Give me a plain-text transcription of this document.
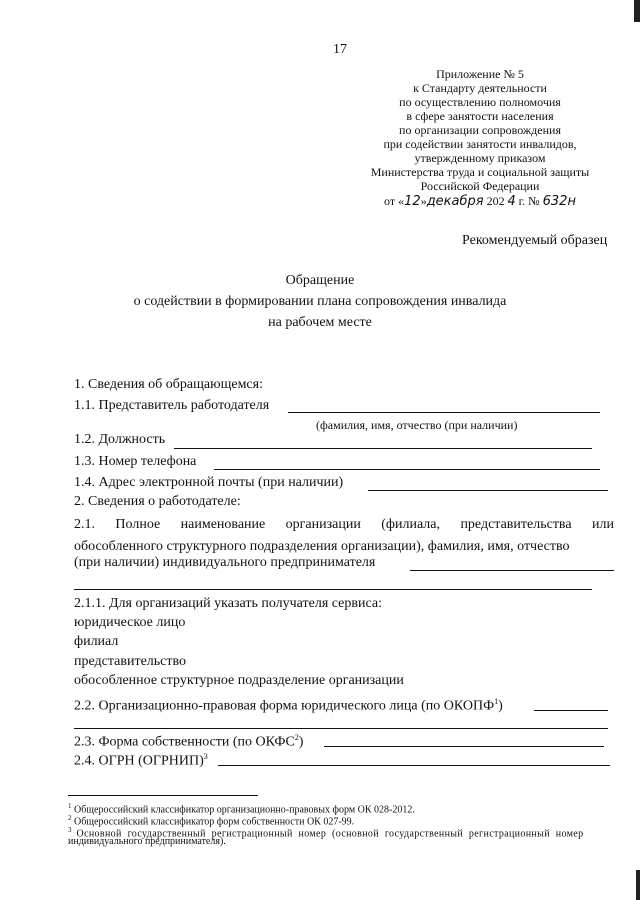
17
Приложение № 5
к Стандарту деятельности
по осуществлению полномочия
в сфере занятости населения
по организации сопровождения
при содействии занятости инвалидов,
утвержденному приказом
Министерства труда и социальной защиты
Российской Федерации
от «12»декабря 202 4 г. № 632н
Рекомендуемый образец
Обращение
о содействии в формировании плана сопровождения инвалида
на рабочем месте
1. Сведения об обращающемся:
1.1. Представитель работодателя
(фамилия, имя, отчество (при наличии)
1.2. Должность
1.3. Номер телефона
1.4. Адрес электронной почты (при наличии)
2. Сведения о работодателе:
2.1. Полное наименование организации (филиала, представительства или
обособленного структурного подразделения организации), фамилия, имя, отчество
(при наличии) индивидуального предпринимателя
2.1.1. Для организаций указать получателя сервиса:
юридическое лицо
филиал
представительство
обособленное структурное подразделение организации
2.2. Организационно-правовая форма юридического лица (по ОКОПФ$^1$)
2.3. Форма собственности (по ОКФС$^2$)
2.4. ОГРН (ОГРНИП)$^3$
$^1$ Общероссийский классификатор организационно-правовых форм ОК 028-2012.
$^2$ Общероссийский классификатор форм собственности ОК 027-99.
$^3$ Основной государственный регистрационный номер (основной государственный регистрационный номер
индивидуального предпринимателя).
